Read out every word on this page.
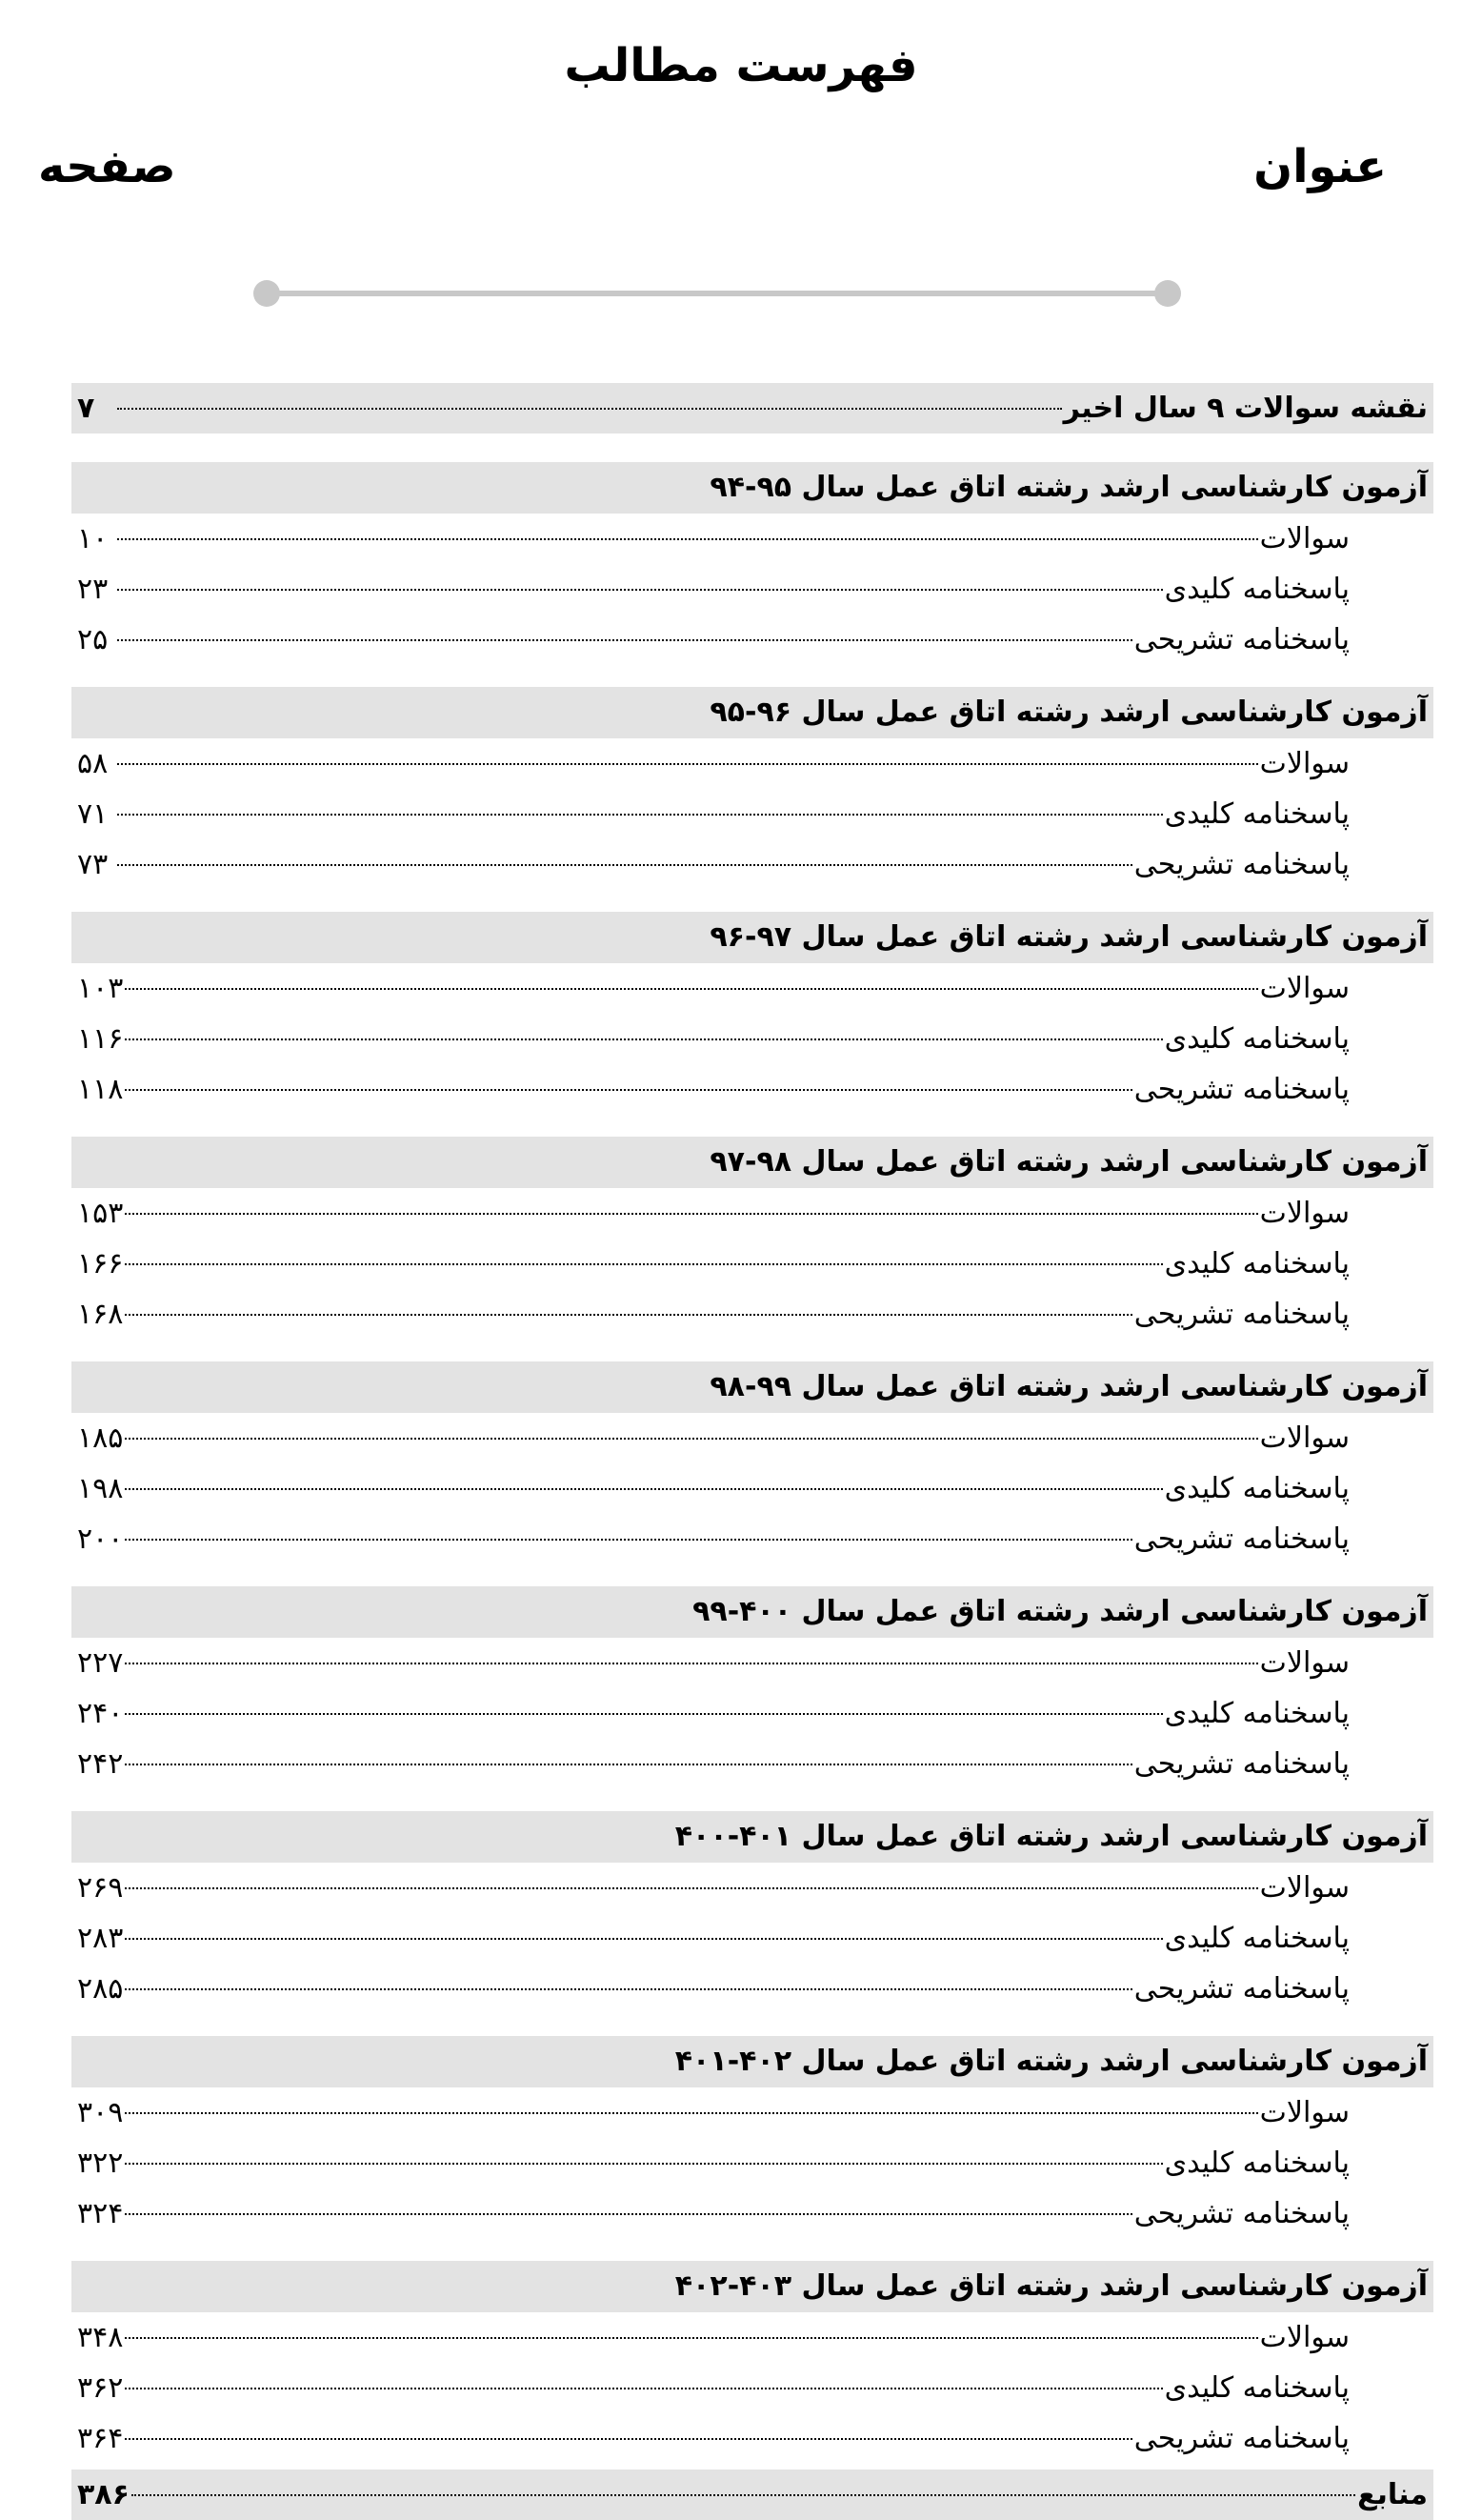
فهرست مطالب
عنوان
صفحه
نقشه سوالات ۹ سال اخیر
۷
آزمون کارشناسی ارشد رشته اتاق عمل سال ۹۵-۹۴
سوالات
۱۰
پاسخنامه کلیدی
۲۳
پاسخنامه تشریحی
۲۵
آزمون کارشناسی ارشد رشته اتاق عمل سال ۹۶-۹۵
سوالات
۵۸
پاسخنامه کلیدی
۷۱
پاسخنامه تشریحی
۷۳
آزمون کارشناسی ارشد رشته اتاق عمل سال ۹۷-۹۶
سوالات
۱۰۳
پاسخنامه کلیدی
۱۱۶
پاسخنامه تشریحی
۱۱۸
آزمون کارشناسی ارشد رشته اتاق عمل سال ۹۸-۹۷
سوالات
۱۵۳
پاسخنامه کلیدی
۱۶۶
پاسخنامه تشریحی
۱۶۸
آزمون کارشناسی ارشد رشته اتاق عمل سال ۹۹-۹۸
سوالات
۱۸۵
پاسخنامه کلیدی
۱۹۸
پاسخنامه تشریحی
۲۰۰
آزمون کارشناسی ارشد رشته اتاق عمل سال ۴۰۰-۹۹
سوالات
۲۲۷
پاسخنامه کلیدی
۲۴۰
پاسخنامه تشریحی
۲۴۲
آزمون کارشناسی ارشد رشته اتاق عمل سال ۴۰۱-۴۰۰
سوالات
۲۶۹
پاسخنامه کلیدی
۲۸۳
پاسخنامه تشریحی
۲۸۵
آزمون کارشناسی ارشد رشته اتاق عمل سال ۴۰۲-۴۰۱
سوالات
۳۰۹
پاسخنامه کلیدی
۳۲۲
پاسخنامه تشریحی
۳۲۴
آزمون کارشناسی ارشد رشته اتاق عمل سال ۴۰۳-۴۰۲
سوالات
۳۴۸
پاسخنامه کلیدی
۳۶۲
پاسخنامه تشریحی
۳۶۴
منابع
۳۸۶
